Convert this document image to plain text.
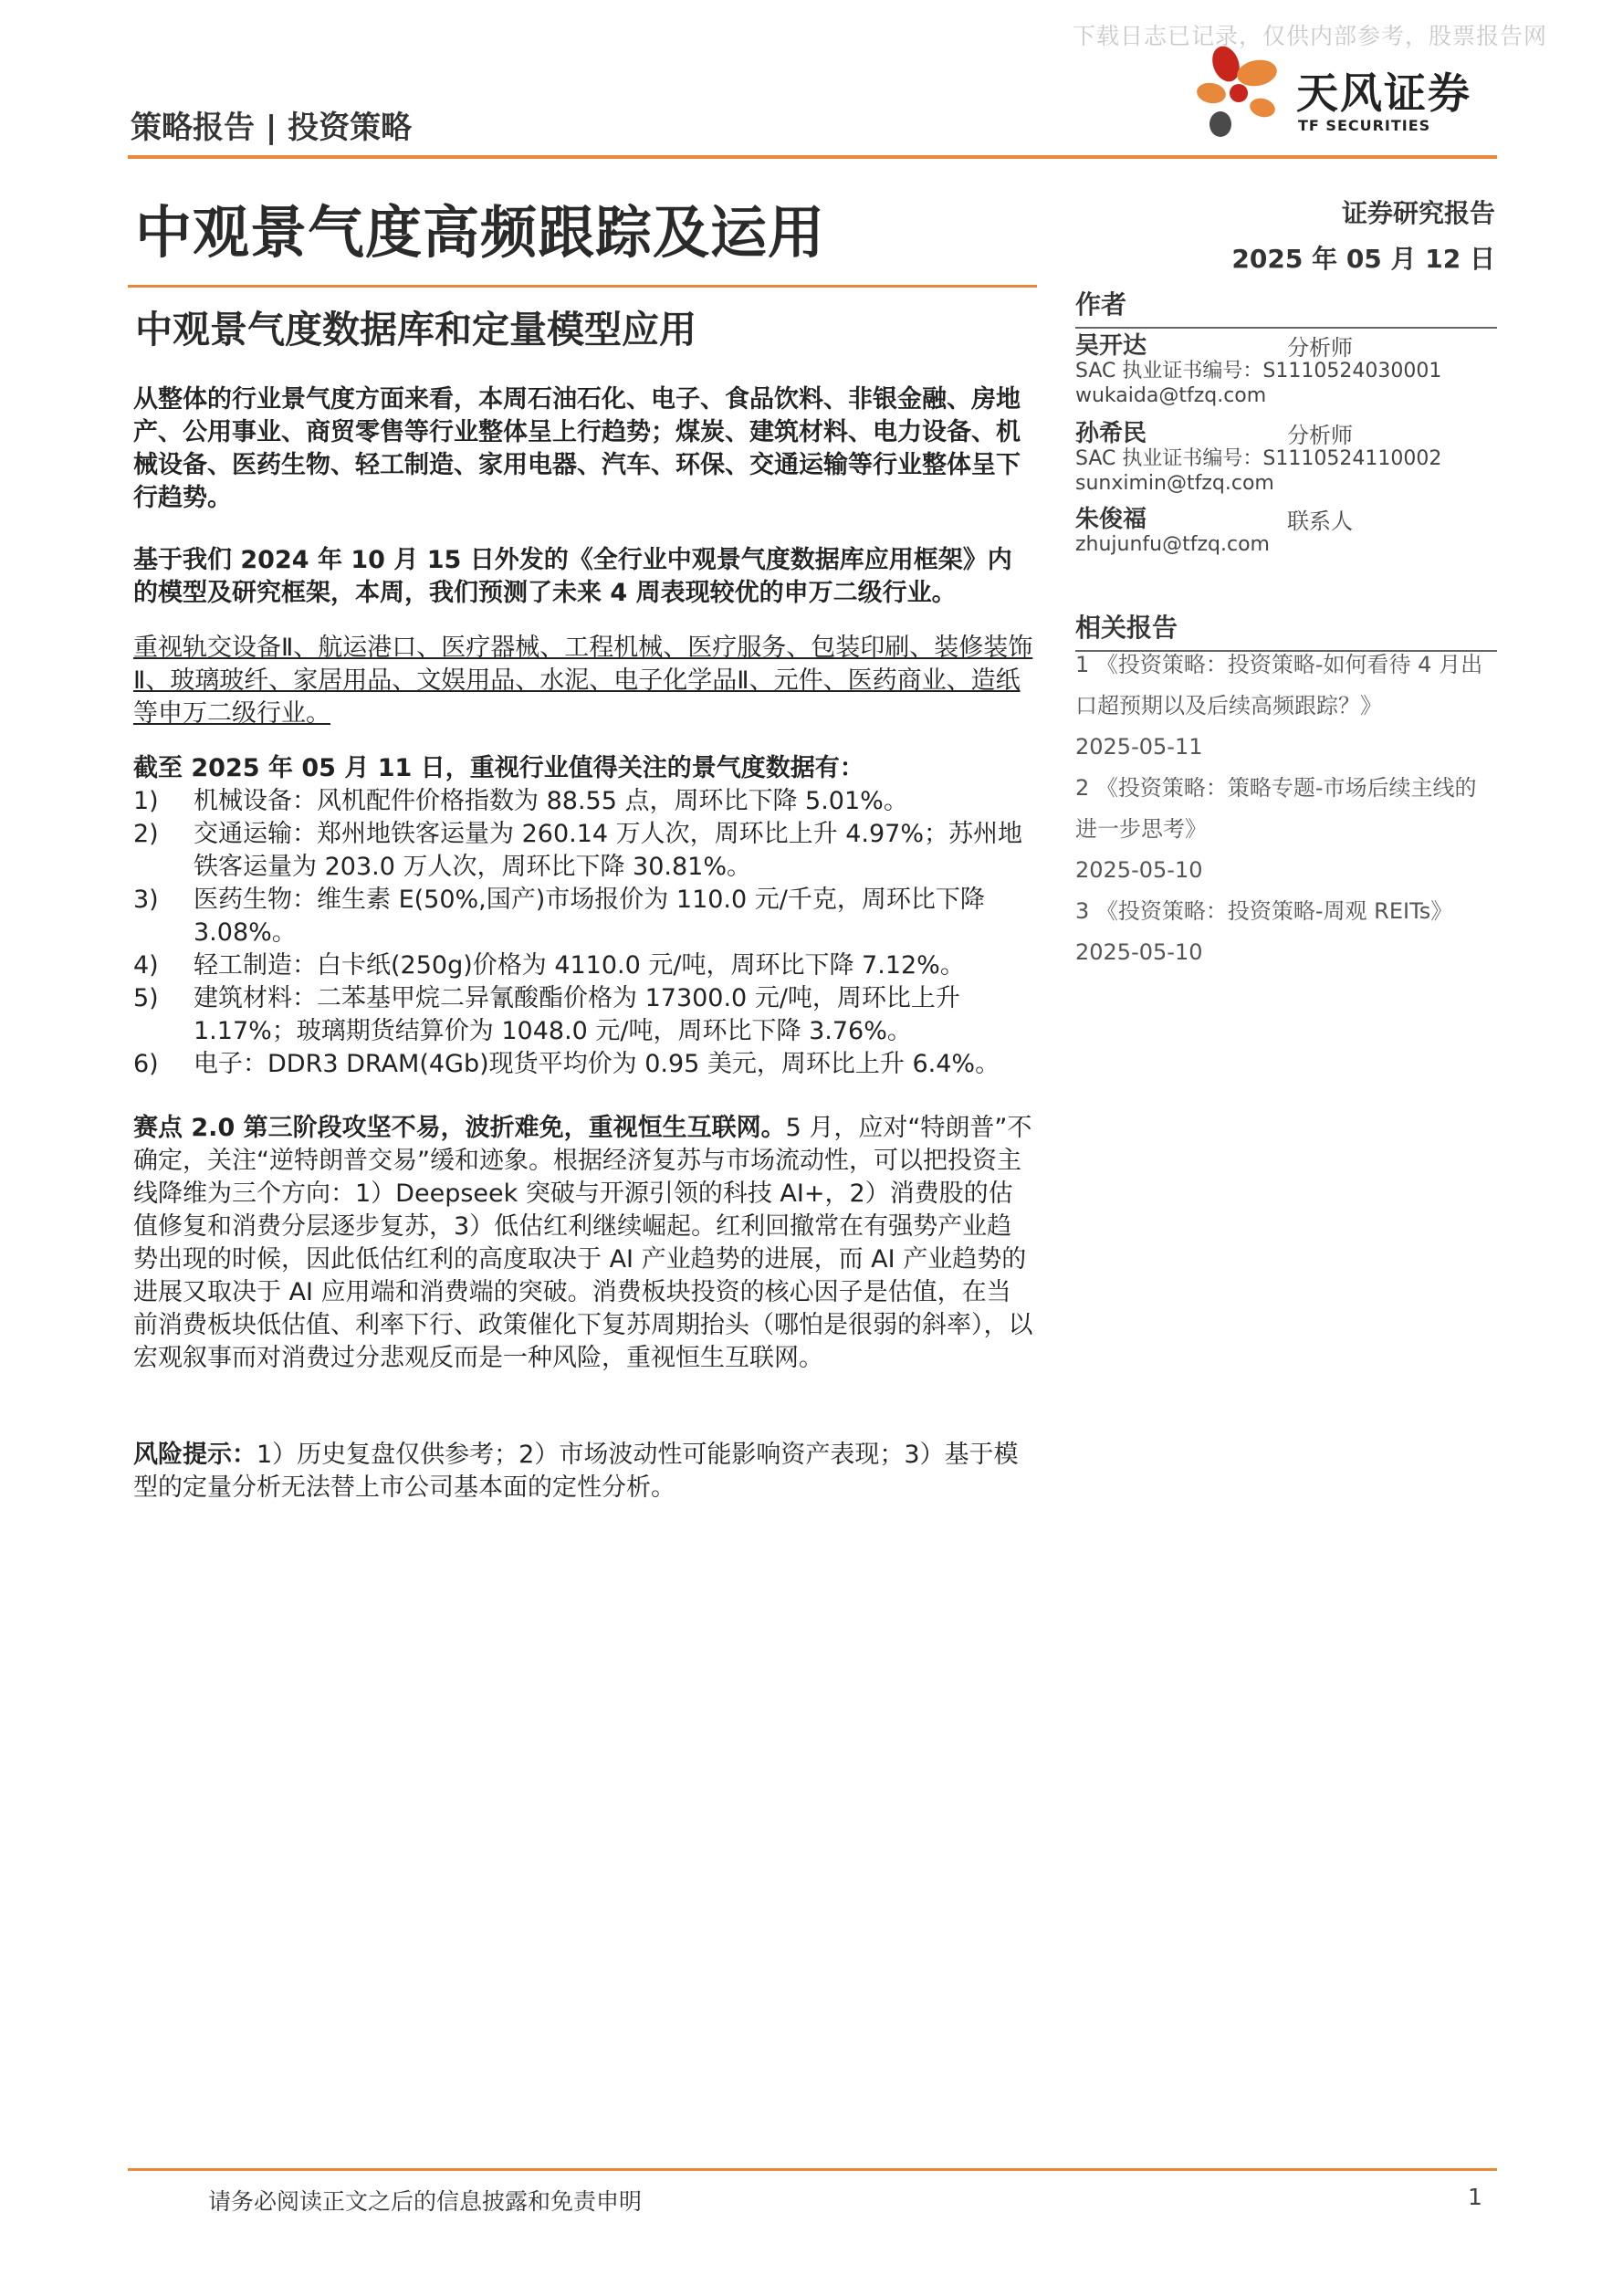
下载日志已记录，仅供内部参考，股票报告网
策略报告 | 投资策略
天风证券
TF SECURITIES
中观景气度高频跟踪及运用	证券研究报告
2025 年 05 月 12 日
中观景气度数据库和定量模型应用

从整体的行业景气度方面来看，本周石油石化、电子、食品饮料、非银金融、房地产、公用事业、商贸零售等行业整体呈上行趋势；煤炭、建筑材料、电力设备、机械设备、医药生物、轻工制造、家用电器、汽车、环保、交通运输等行业整体呈下行趋势。

基于我们 2024 年 10 月 15 日外发的《全行业中观景气度数据库应用框架》内的模型及研究框架，本周，我们预测了未来 4 周表现较优的申万二级行业。

重视轨交设备Ⅱ、航运港口、医疗器械、工程机械、医疗服务、包装印刷、装修装饰Ⅱ、玻璃玻纤、家居用品、文娱用品、水泥、电子化学品Ⅱ、元件、医药商业、造纸等申万二级行业。

截至 2025 年 05 月 11 日，重视行业值得关注的景气度数据有：

1) 机械设备：风机配件价格指数为 88.55 点，周环比下降 5.01%。
2) 交通运输：郑州地铁客运量为 260.14 万人次，周环比上升 4.97%；苏州地铁客运量为 203.0 万人次，周环比下降 30.81%。
3) 医药生物：维生素 E(50%,国产)市场报价为 110.0 元/千克，周环比下降 3.08%。
4) 轻工制造：白卡纸(250g)价格为 4110.0 元/吨，周环比下降 7.12%。
5) 建筑材料：二苯基甲烷二异氰酸酯价格为 17300.0 元/吨，周环比上升 1.17%；玻璃期货结算价为 1048.0 元/吨，周环比下降 3.76%。
6) 电子：DDR3 DRAM(4Gb)现货平均价为 0.95 美元，周环比上升 6.4%。

赛点 2.0 第三阶段攻坚不易，波折难免，重视恒生互联网。5 月，应对“特朗普”不确定，关注“逆特朗普交易”缓和迹象。根据经济复苏与市场流动性，可以把投资主线降维为三个方向：1）Deepseek 突破与开源引领的科技 AI+，2）消费股的估值修复和消费分层逐步复苏，3）低估红利继续崛起。红利回撤常在有强势产业趋势出现的时候，因此低估红利的高度取决于 AI 产业趋势的进展，而 AI 产业趋势的进展又取决于 AI 应用端和消费端的突破。消费板块投资的核心因子是估值，在当前消费板块低估值、利率下行、政策催化下复苏周期抬头（哪怕是很弱的斜率），以宏观叙事而对消费过分悲观反而是一种风险，重视恒生互联网。

风险提示：1）历史复盘仅供参考；2）市场波动性可能影响资产表现；3）基于模型的定量分析无法替上市公司基本面的定性分析。

作者
吴开达	分析师
SAC 执业证书编号：S1110524030001
wukaida@tfzq.com
孙希民	分析师
SAC 执业证书编号：S1110524110002
sunximin@tfzq.com
朱俊福	联系人
zhujunfu@tfzq.com
相关报告
1 《投资策略：投资策略-如何看待 4 月出口超预期以及后续高频跟踪？》
2025-05-11
2 《投资策略：策略专题-市场后续主线的进一步思考》
2025-05-10
3 《投资策略：投资策略-周观 REITs》
2025-05-10
请务必阅读正文之后的信息披露和免责申明	1
